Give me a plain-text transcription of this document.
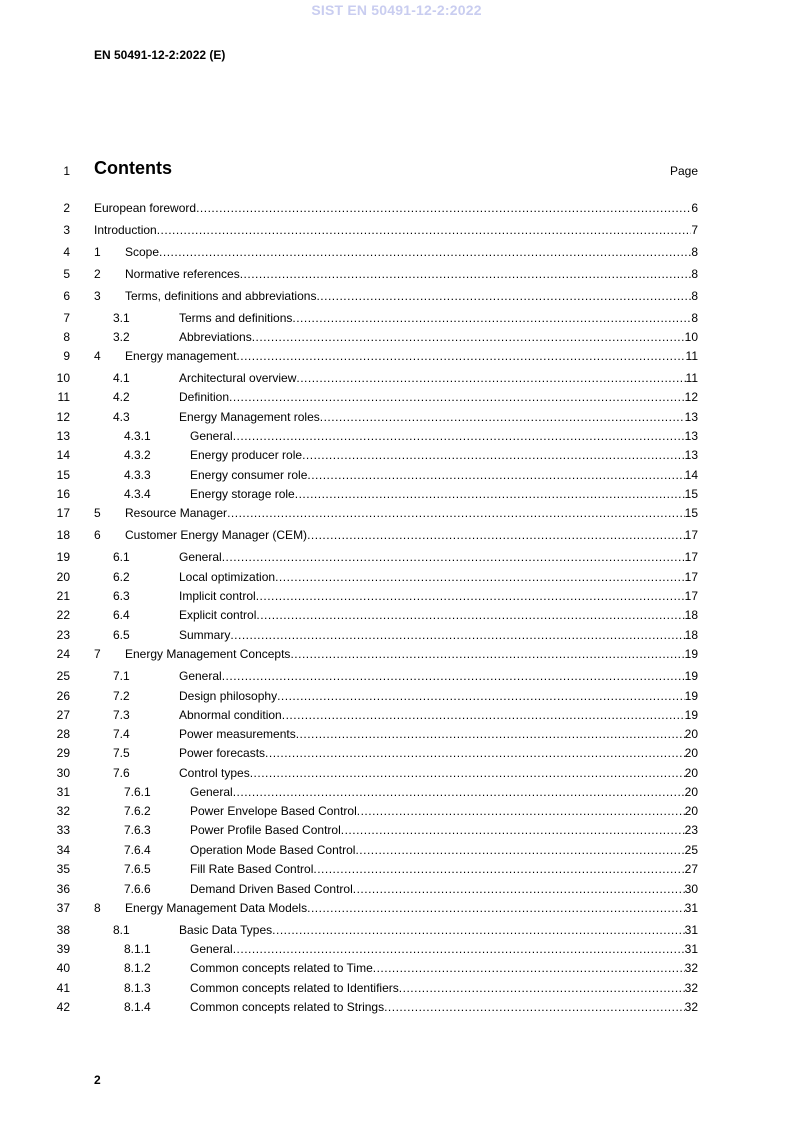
SIST EN 50491-12-2:2022
EN 50491-12-2:2022 (E)
1 Contents	Page
2 European foreword .....	6
3 Introduction .....	7
4 1	Scope .....	8
5 2	Normative references .....	8
6 3	Terms, definitions and abbreviations .....	8
7	3.1	Terms and definitions .....	8
8	3.2	Abbreviations .....	10
9 4	Energy management .....	11
10	4.1	Architectural overview .....	11
11	4.2	Definition .....	12
12	4.3	Energy Management roles .....	13
13	4.3.1	General .....	13
14	4.3.2	Energy producer role .....	13
15	4.3.3	Energy consumer role .....	14
16	4.3.4	Energy storage role .....	15
17 5	Resource Manager .....	15
18 6	Customer Energy Manager (CEM) .....	17
19	6.1	General .....	17
20	6.2	Local optimization .....	17
21	6.3	Implicit control .....	17
22	6.4	Explicit control .....	18
23	6.5	Summary .....	18
24 7	Energy Management Concepts .....	19
25	7.1	General .....	19
26	7.2	Design philosophy .....	19
27	7.3	Abnormal condition .....	19
28	7.4	Power measurements .....	20
29	7.5	Power forecasts .....	20
30	7.6	Control types .....	20
31	7.6.1	General .....	20
32	7.6.2	Power Envelope Based Control .....	20
33	7.6.3	Power Profile Based Control .....	23
34	7.6.4	Operation Mode Based Control .....	25
35	7.6.5	Fill Rate Based Control .....	27
36	7.6.6	Demand Driven Based Control .....	30
37 8	Energy Management Data Models .....	31
38	8.1	Basic Data Types .....	31
39	8.1.1	General .....	31
40	8.1.2	Common concepts related to Time .....	32
41	8.1.3	Common concepts related to Identifiers .....	32
42	8.1.4	Common concepts related to Strings .....	32
2
